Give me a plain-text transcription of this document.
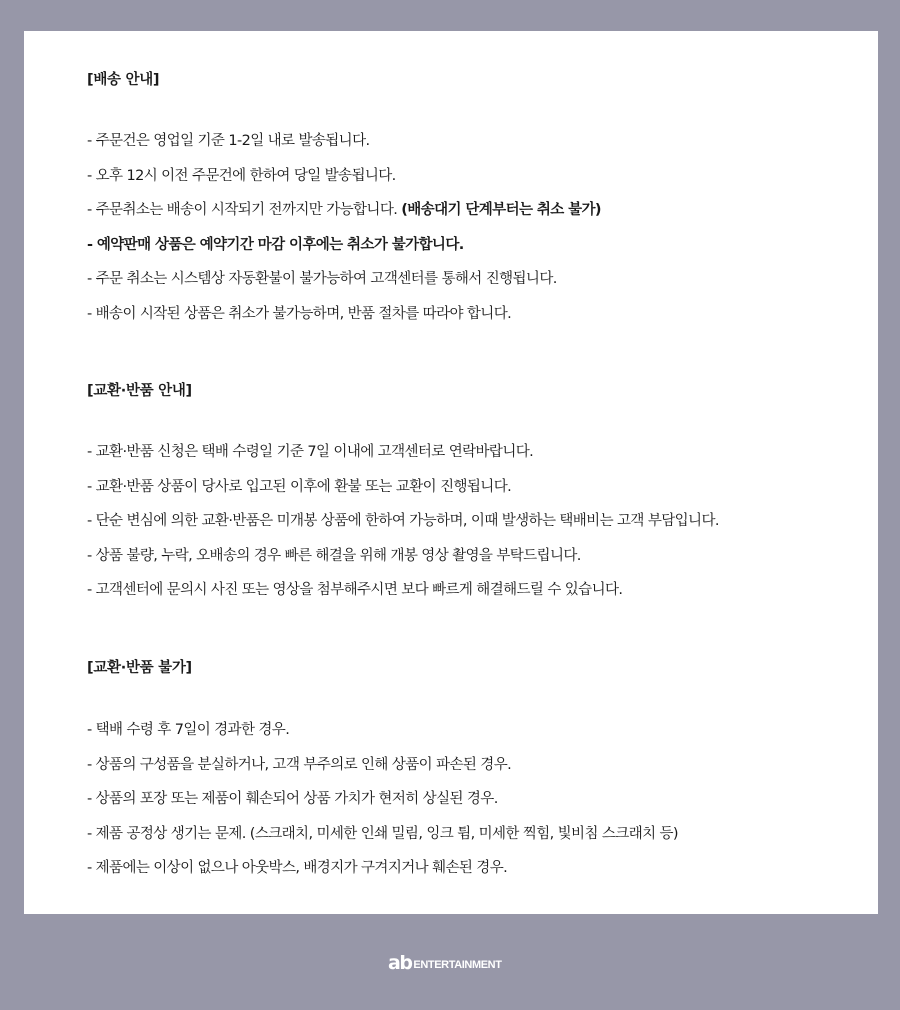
[배송 안내]
- 주문건은 영업일 기준 1-2일 내로 발송됩니다.
- 오후 12시 이전 주문건에 한하여 당일 발송됩니다.
- 주문취소는 배송이 시작되기 전까지만 가능합니다. (배송대기 단계부터는 취소 불가)
- 예약판매 상품은 예약기간 마감 이후에는 취소가 불가합니다.
- 주문 취소는 시스템상 자동환불이 불가능하여 고객센터를 통해서 진행됩니다.
- 배송이 시작된 상품은 취소가 불가능하며, 반품 절차를 따라야 합니다.
[교환·반품 안내]
- 교환·반품 신청은 택배 수령일 기준 7일 이내에 고객센터로 연락바랍니다.
- 교환·반품 상품이 당사로 입고된 이후에 환불 또는 교환이 진행됩니다.
- 단순 변심에 의한 교환·반품은 미개봉 상품에 한하여 가능하며, 이때 발생하는 택배비는 고객 부담입니다.
- 상품 불량, 누락, 오배송의 경우 빠른 해결을 위해 개봉 영상 촬영을 부탁드립니다.
- 고객센터에 문의시 사진 또는 영상을 첨부해주시면 보다 빠르게 해결해드릴 수 있습니다.
[교환·반품 불가]
- 택배 수령 후 7일이 경과한 경우.
- 상품의 구성품을 분실하거나, 고객 부주의로 인해 상품이 파손된 경우.
- 상품의 포장 또는 제품이 훼손되어 상품 가치가 현저히 상실된 경우.
- 제품 공정상 생기는 문제. (스크래치, 미세한 인쇄 밀림, 잉크 튐, 미세한 찍힘, 빛비침 스크래치 등)
- 제품에는 이상이 없으나 아웃박스, 배경지가 구겨지거나 훼손된 경우.
ab ENTERTAINMENT
